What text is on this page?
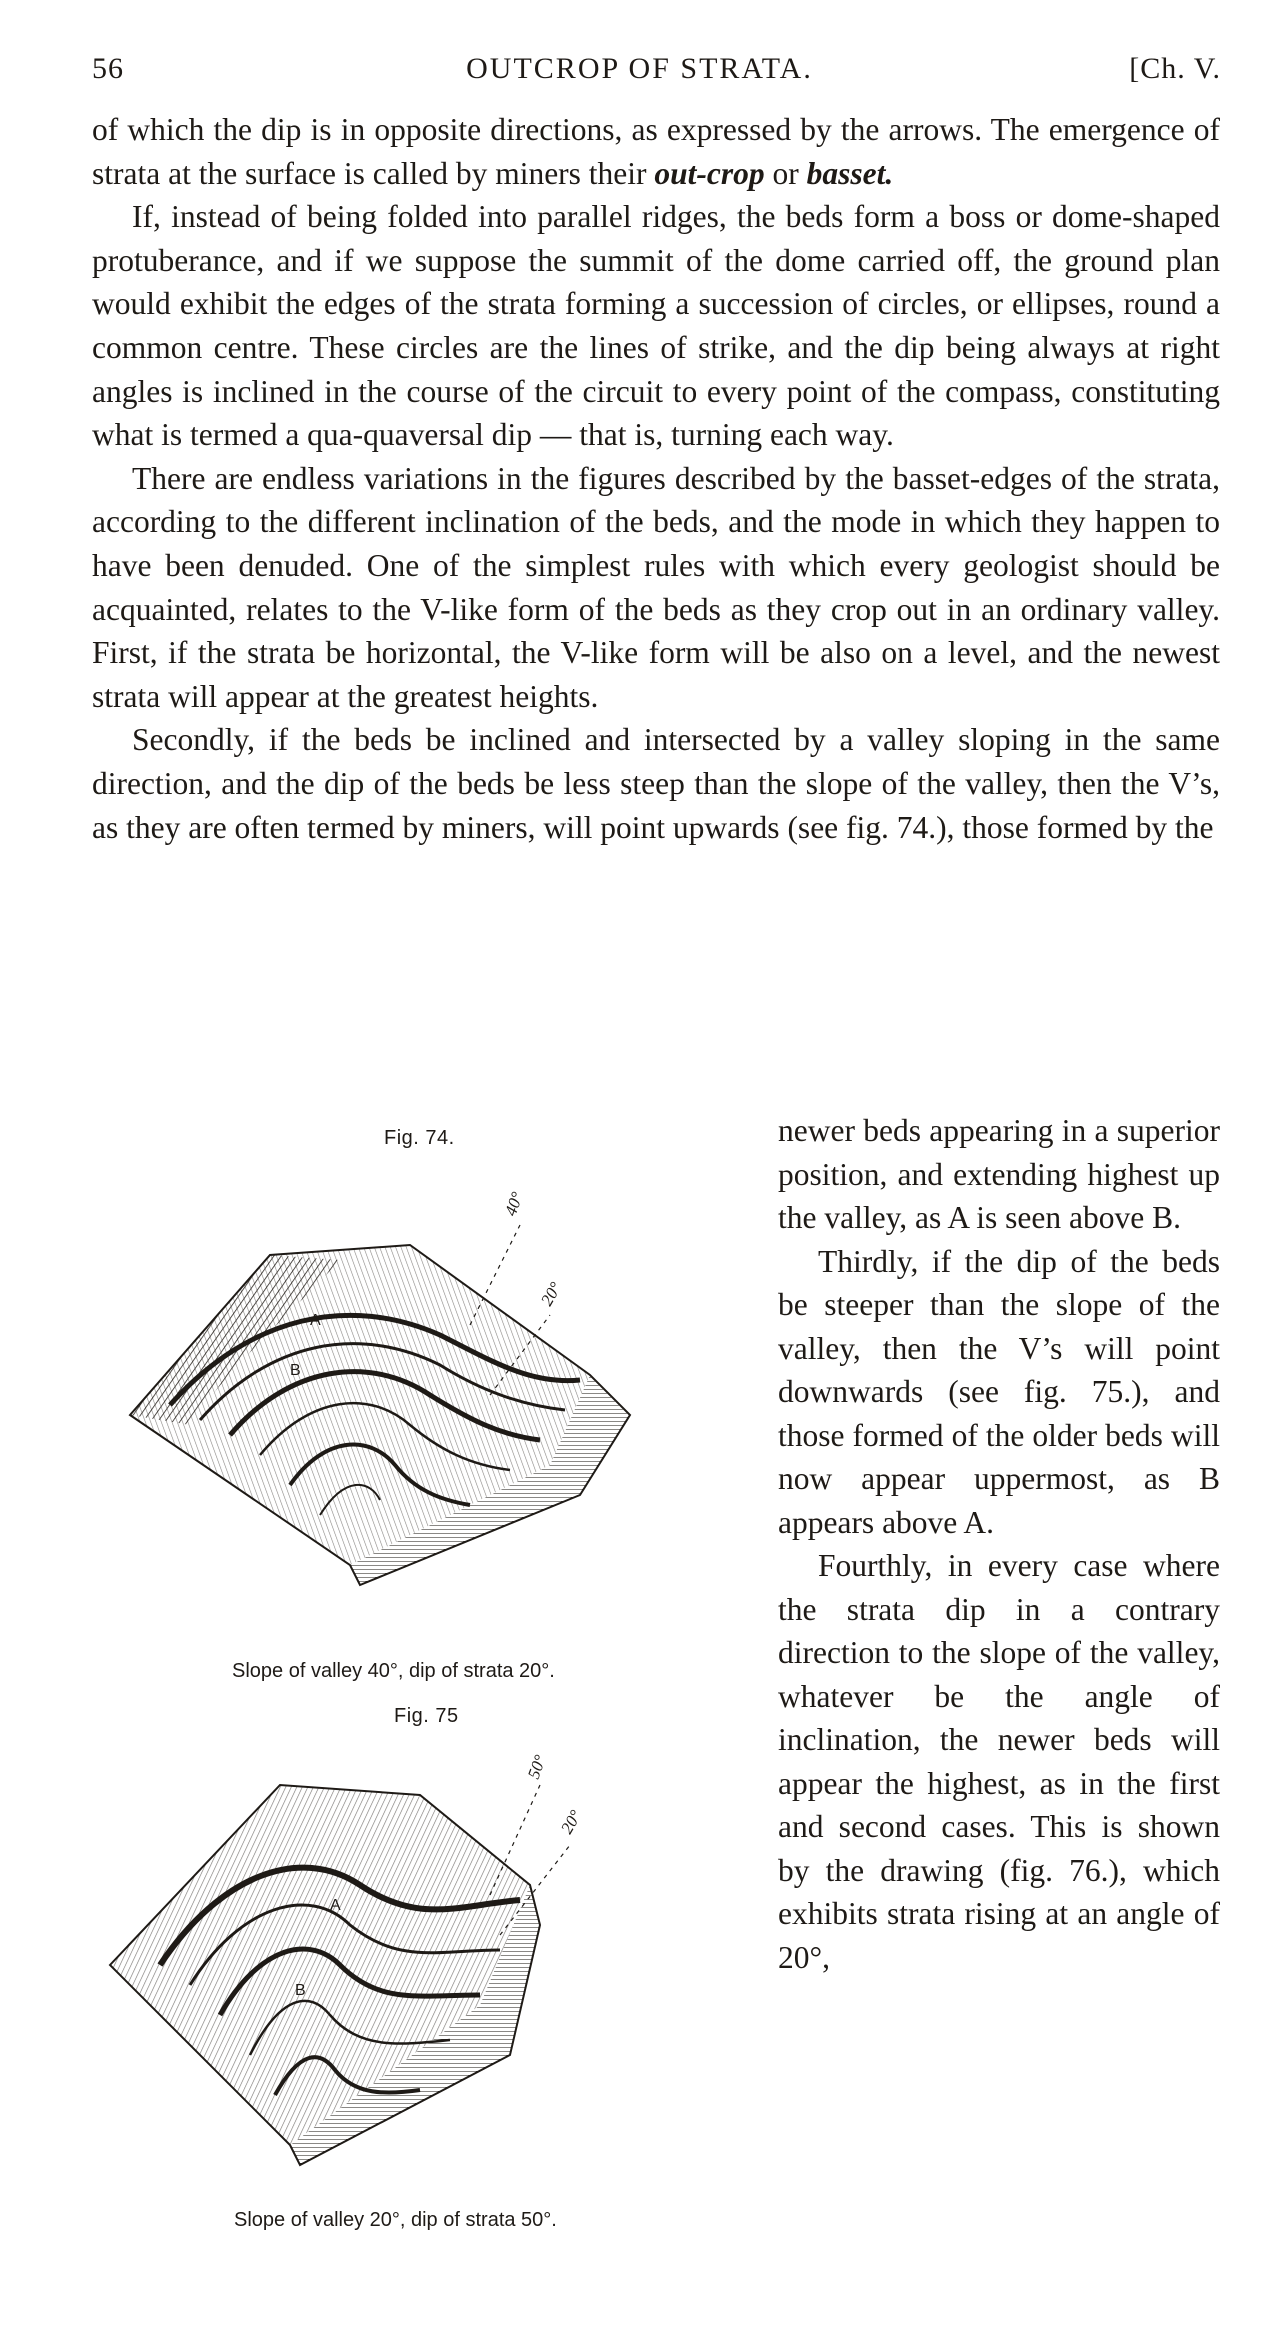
56	OUTCROP OF STRATA.	[Ch. V.

of which the dip is in opposite directions, as expressed by the arrows. The emergence of strata at the surface is called by miners their out-crop or basset.

If, instead of being folded into parallel ridges, the beds form a boss or dome-shaped protuberance, and if we suppose the summit of the dome carried off, the ground plan would exhibit the edges of the strata forming a succession of circles, or ellipses, round a common centre. These circles are the lines of strike, and the dip being always at right angles is inclined in the course of the circuit to every point of the compass, constituting what is termed a qua-quaversal dip — that is, turning each way.

There are endless variations in the figures described by the basset-edges of the strata, according to the different inclination of the beds, and the mode in which they happen to have been denuded. One of the simplest rules with which every geologist should be acquainted, relates to the V-like form of the beds as they crop out in an ordinary valley. First, if the strata be horizontal, the V-like form will be also on a level, and the newest strata will appear at the greatest heights.

Secondly, if the beds be inclined and intersected by a valley sloping in the same direction, and the dip of the beds be less steep than the slope of the valley, then the V’s, as they are often termed by miners, will point upwards (see fig. 74.), those formed by the

Fig. 74.
A
B
40°
20°
Slope of valley 40°, dip of strata 20°.
Fig. 75
A
B
50°
20°
Slope of valley 20°, dip of strata 50°.

newer beds appearing in a superior position, and extending highest up the valley, as A is seen above B.

Thirdly, if the dip of the beds be steeper than the slope of the valley, then the V’s will point downwards (see fig. 75.), and those formed of the older beds will now appear uppermost, as B appears above A.

Fourthly, in every case where the strata dip in a contrary direction to the slope of the valley, whatever be the angle of inclination, the newer beds will appear the highest, as in the first and second cases. This is shown by the drawing (fig. 76.), which exhibits strata rising at an angle of 20°,
